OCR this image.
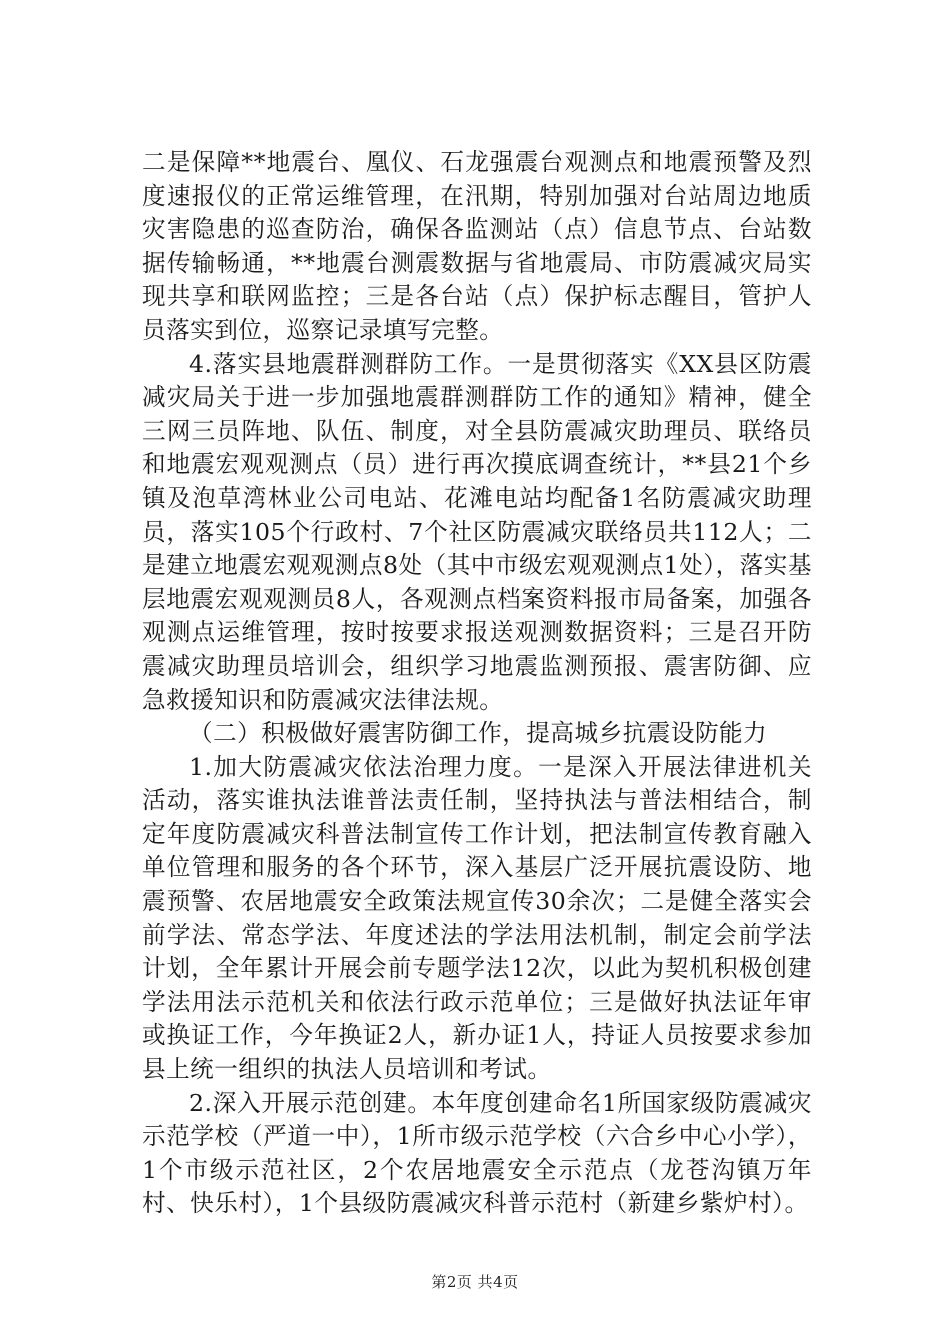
二是保障**地震台、凰仪、石龙强震台观测点和地震预警及烈度速报仪的正常运维管理，在汛期，特别加强对台站周边地质灾害隐患的巡查防治，确保各监测站（点）信息节点、台站数据传输畅通，**地震台测震数据与省地震局、市防震减灾局实现共享和联网监控；三是各台站（点）保护标志醒目，管护人员落实到位，巡察记录填写完整。

4.落实县地震群测群防工作。一是贯彻落实《XX县区防震减灾局关于进一步加强地震群测群防工作的通知》精神，健全三网三员阵地、队伍、制度，对全县防震减灾助理员、联络员和地震宏观观测点（员）进行再次摸底调查统计，**县21个乡镇及泡草湾林业公司电站、花滩电站均配备1名防震减灾助理员，落实105个行政村、7个社区防震减灾联络员共112人；二是建立地震宏观观测点8处（其中市级宏观观测点1处），落实基层地震宏观观测员8人，各观测点档案资料报市局备案，加强各观测点运维管理，按时按要求报送观测数据资料；三是召开防震减灾助理员培训会，组织学习地震监测预报、震害防御、应急救援知识和防震减灾法律法规。

（二）积极做好震害防御工作，提高城乡抗震设防能力

1.加大防震减灾依法治理力度。一是深入开展法律进机关活动，落实谁执法谁普法责任制，坚持执法与普法相结合，制定年度防震减灾科普法制宣传工作计划，把法制宣传教育融入单位管理和服务的各个环节，深入基层广泛开展抗震设防、地震预警、农居地震安全政策法规宣传30余次；二是健全落实会前学法、常态学法、年度述法的学法用法机制，制定会前学法计划，全年累计开展会前专题学法12次，以此为契机积极创建学法用法示范机关和依法行政示范单位；三是做好执法证年审或换证工作，今年换证2人，新办证1人，持证人员按要求参加县上统一组织的执法人员培训和考试。

2.深入开展示范创建。本年度创建命名1所国家级防震减灾示范学校（严道一中），1所市级示范学校（六合乡中心小学），1个市级示范社区，2个农居地震安全示范点（龙苍沟镇万年村、快乐村），1个县级防震减灾科普示范村（新建乡紫炉村）。

第2页 共4页
